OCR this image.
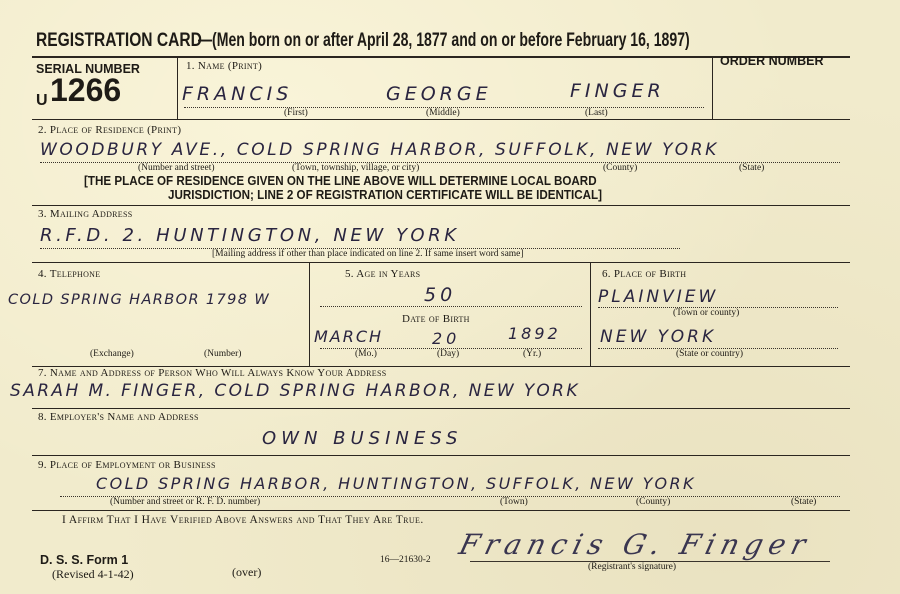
REGISTRATION CARD

—(Men born on or after April 28, 1877 and on or before February 16, 1897)

SERIAL NUMBER

U 1266

ORDER NUMBER

1. Name (Print)

FRANCIS	GEORGE	FINGER

(First)	(Middle)	(Last)

2. Place of Residence (Print)

WOODBURY AVE., COLD SPRING HARBOR, SUFFOLK, NEW YORK

(Number and street)	(Town, township, village, or city)	(County)	(State)

[THE PLACE OF RESIDENCE GIVEN ON THE LINE ABOVE WILL DETERMINE LOCAL BOARD

JURISDICTION; LINE 2 OF REGISTRATION CERTIFICATE WILL BE IDENTICAL]

3. Mailing Address

R.F.D. 2. HUNTINGTON, NEW YORK

[Mailing address if other than place indicated on line 2. If same insert word same]

4. Telephone

COLD SPRING HARBOR 1798 W

(Exchange)	(Number)

5. Age in Years

50

Date of Birth

MARCH	20	1892

(Mo.)	(Day)	(Yr.)

6. Place of Birth

PLAINVIEW

(Town or county)

NEW YORK

(State or country)

7. Name and Address of Person Who Will Always Know Your Address

SARAH M. FINGER, COLD SPRING HARBOR, NEW YORK

8. Employer's Name and Address

OWN BUSINESS

9. Place of Employment or Business

COLD SPRING HARBOR, HUNTINGTON, SUFFOLK, NEW YORK

(Number and street or R. F. D. number)	(Town)	(County)	(State)

I Affirm That I Have Verified Above Answers and That They Are True.

Francis G. Finger

(Registrant's signature)

D. S. S. Form 1

(Revised 4-1-42)	(over)

16—21630-2
